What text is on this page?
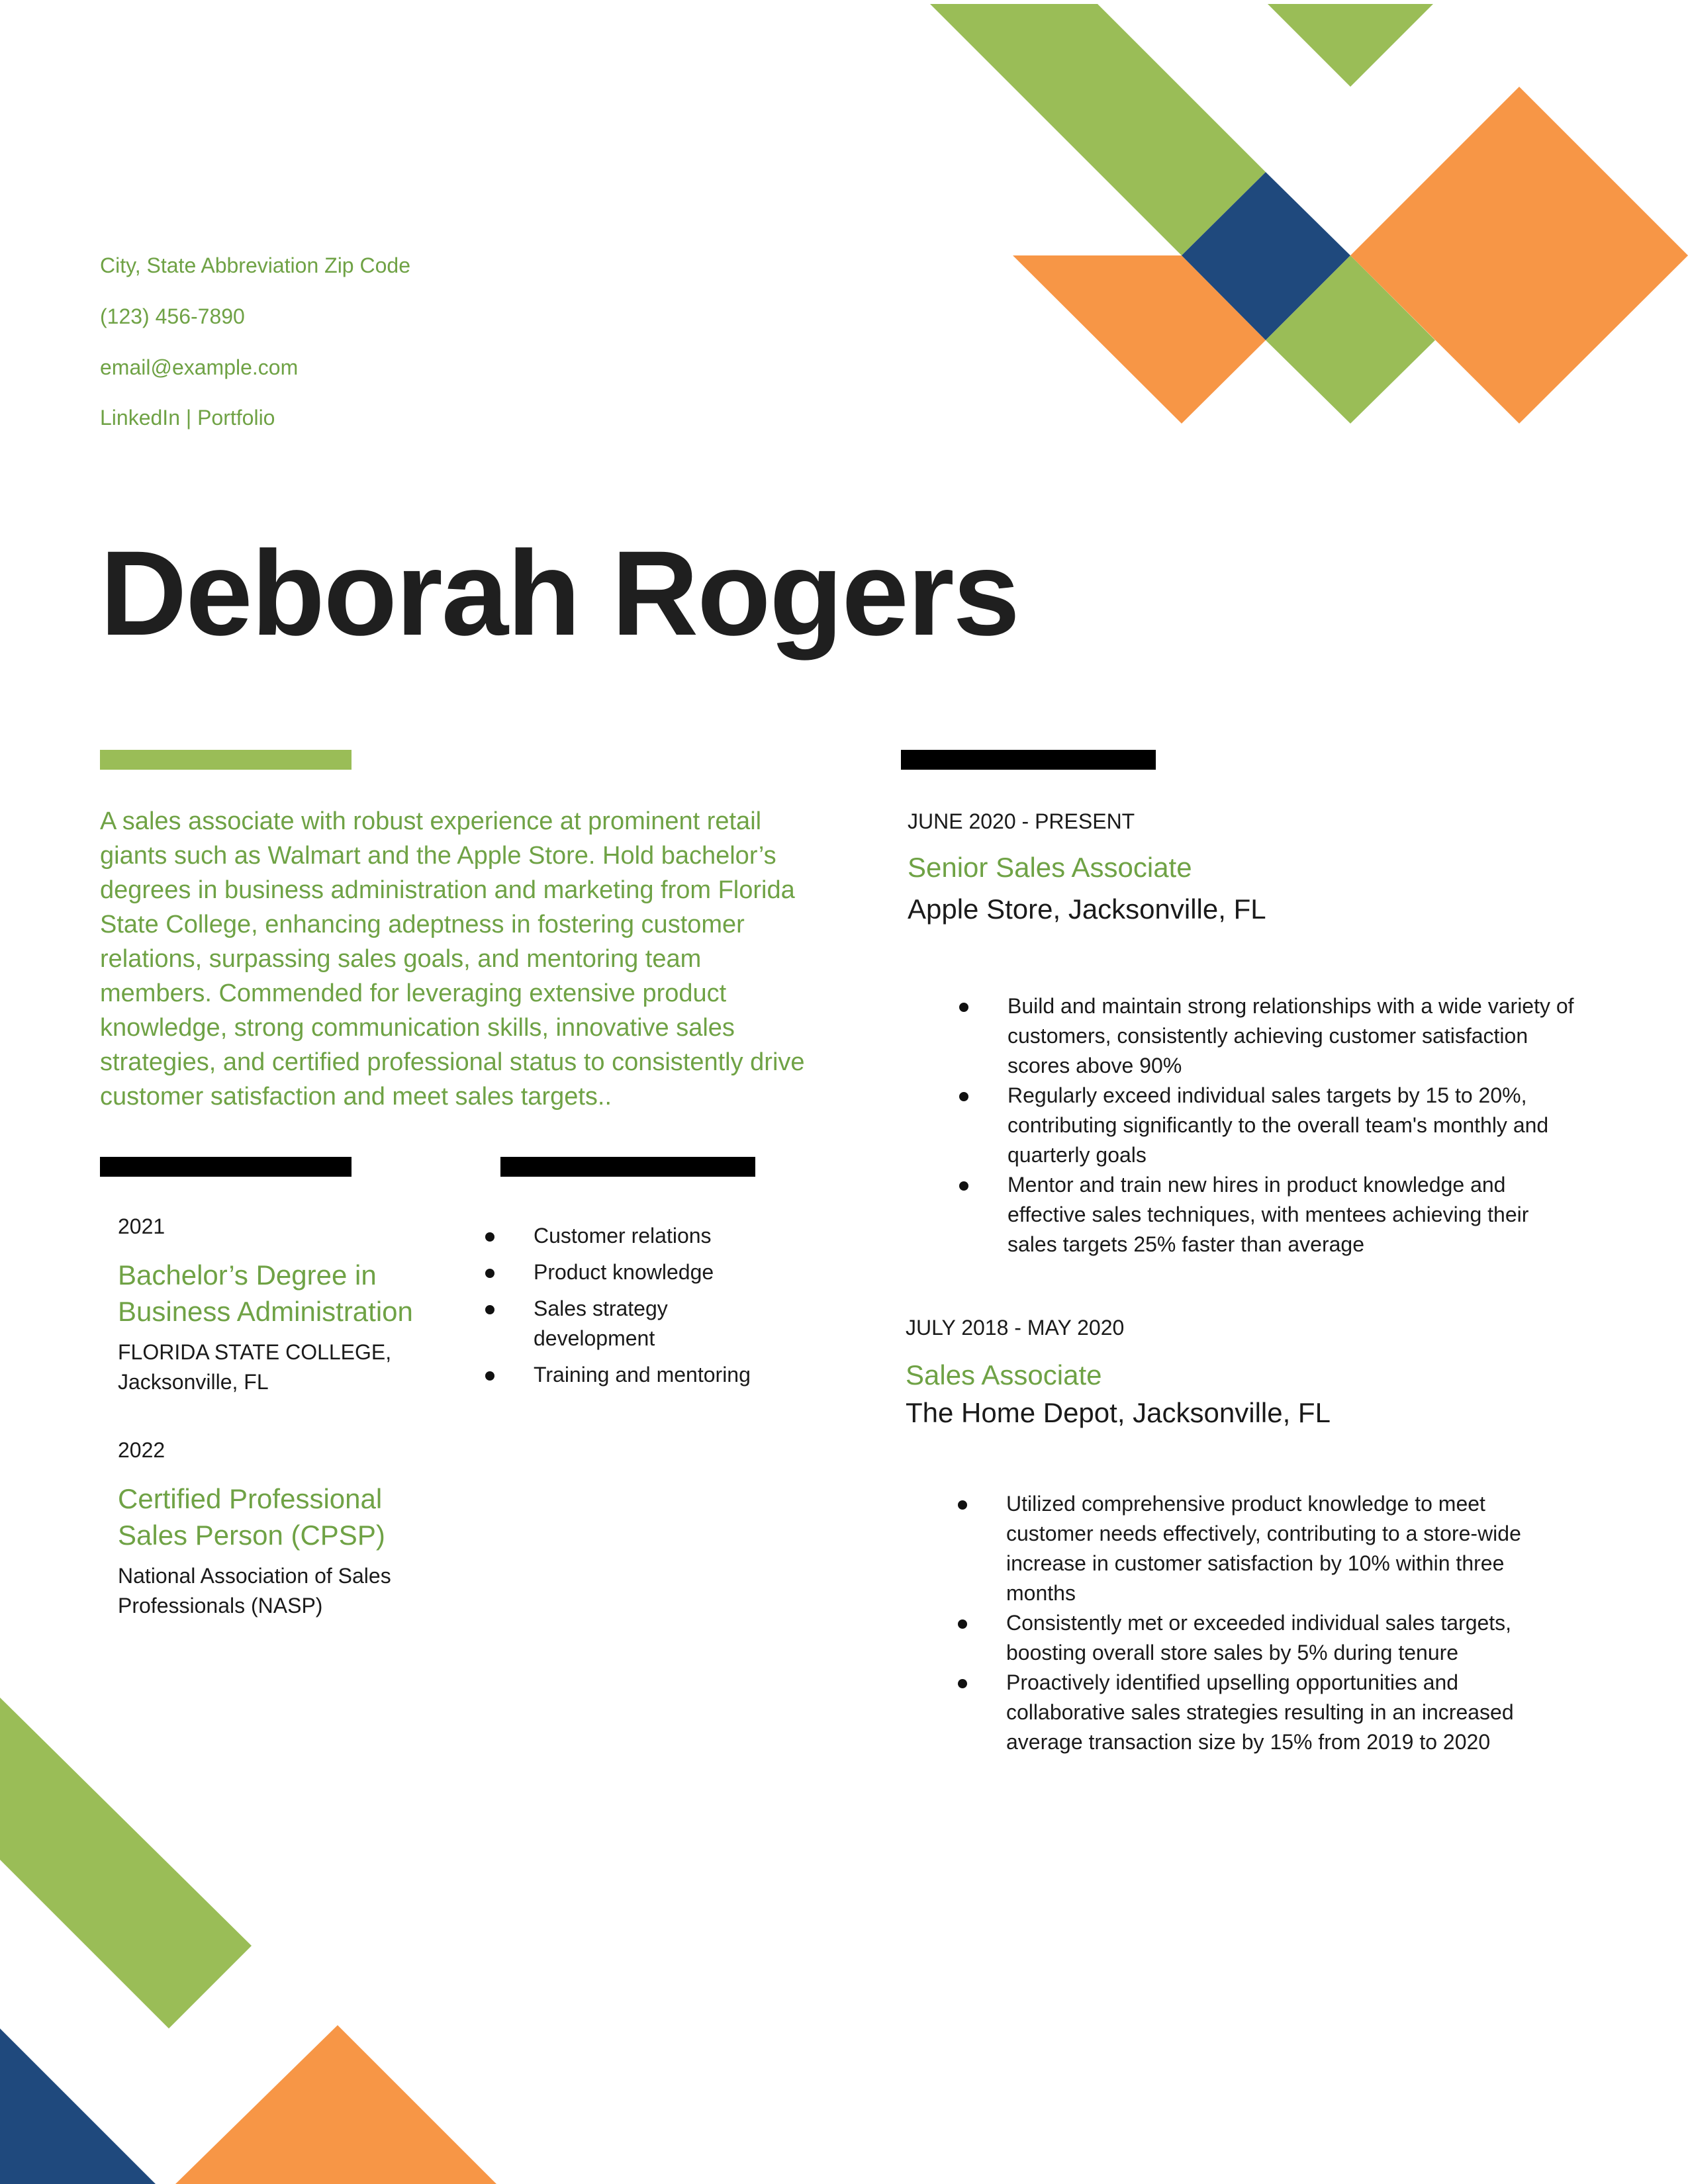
City, State Abbreviation Zip Code
(123) 456-7890
email@example.com
LinkedIn | Portfolio
Deborah Rogers
A sales associate with robust experience at prominent retail giants such as Walmart and the Apple Store. Hold bachelor’s degrees in business administration and marketing from Florida State College, enhancing adeptness in fostering customer relations, surpassing sales goals, and mentoring team members. Commended for leveraging extensive product knowledge, strong communication skills, innovative sales strategies, and certified professional status to consistently drive customer satisfaction and meet sales targets..
2021
Bachelor’s Degree in Business Administration
FLORIDA STATE COLLEGE, Jacksonville, FL
2022
Certified Professional Sales Person (CPSP)
National Association of Sales Professionals (NASP)
Customer relations
Product knowledge
Sales strategy development
Training and mentoring
JUNE 2020 - PRESENT
Senior Sales Associate
Apple Store, Jacksonville, FL
Build and maintain strong relationships with a wide variety of customers, consistently achieving customer satisfaction scores above 90%
Regularly exceed individual sales targets by 15 to 20%, contributing significantly to the overall team's monthly and quarterly goals
Mentor and train new hires in product knowledge and effective sales techniques, with mentees achieving their sales targets 25% faster than average
JULY 2018 - MAY 2020
Sales Associate
The Home Depot, Jacksonville, FL
Utilized comprehensive product knowledge to meet customer needs effectively, contributing to a store-wide increase in customer satisfaction by 10% within three months
Consistently met or exceeded individual sales targets, boosting overall store sales by 5% during tenure
Proactively identified upselling opportunities and collaborative sales strategies resulting in an increased average transaction size by 15% from 2019 to 2020
